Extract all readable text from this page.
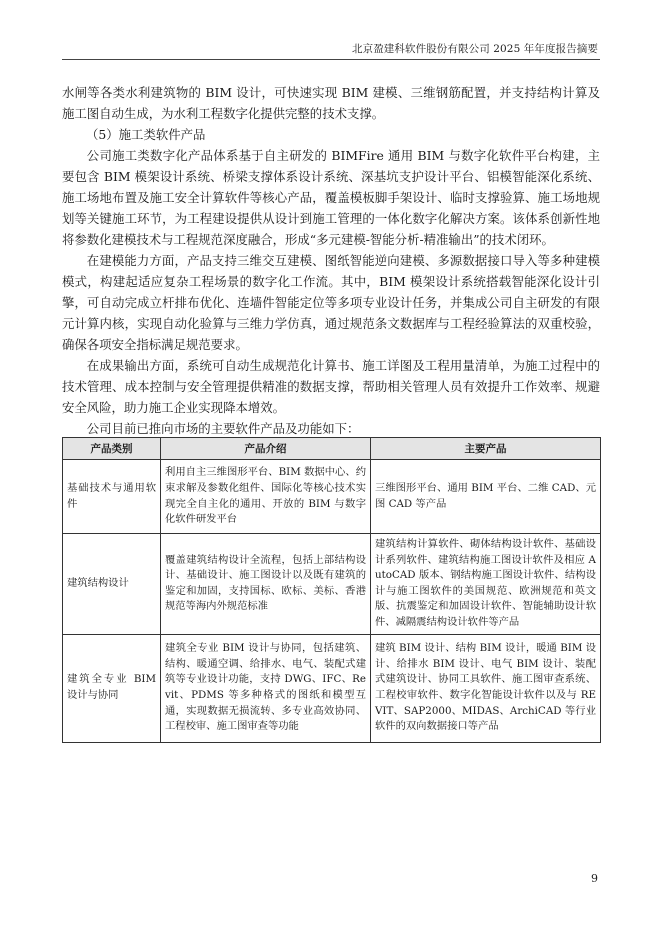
北京盈建科软件股份有限公司 2025 年年度报告摘要

水闸等各类水利建筑物的 BIM 设计，可快速实现 BIM 建模、三维钢筋配置，并支持结构计算及施工图自动生成，为水利工程数字化提供完整的技术支撑。

（5）施工类软件产品

公司施工类数字化产品体系基于自主研发的 BIMFire 通用 BIM 与数字化软件平台构建，主要包含 BIM 模架设计系统、桥梁支撑体系设计系统、深基坑支护设计平台、铝模智能深化系统、施工场地布置及施工安全计算软件等核心产品，覆盖模板脚手架设计、临时支撑验算、施工场地规划等关键施工环节，为工程建设提供从设计到施工管理的一体化数字化解决方案。该体系创新性地将参数化建模技术与工程规范深度融合，形成“多元建模-智能分析-精准输出”的技术闭环。

在建模能力方面，产品支持三维交互建模、图纸智能逆向建模、多源数据接口导入等多种建模模式，构建起适应复杂工程场景的数字化工作流。其中，BIM 模架设计系统搭载智能深化设计引擎，可自动完成立杆排布优化、连墙件智能定位等多项专业设计任务，并集成公司自主研发的有限元计算内核，实现自动化验算与三维力学仿真，通过规范条文数据库与工程经验算法的双重校验，确保各项安全指标满足规范要求。

在成果输出方面，系统可自动生成规范化计算书、施工详图及工程用量清单，为施工过程中的技术管理、成本控制与安全管理提供精准的数据支撑，帮助相关管理人员有效提升工作效率、规避安全风险，助力施工企业实现降本增效。

公司目前已推向市场的主要软件产品及功能如下：

产品类别	产品介绍	主要产品
基础技术与通用软件	利用自主三维图形平台、BIM 数据中心、约束求解及参数化组件、国际化等核心技术实现完全自主化的通用、开放的 BIM 与数字化软件研发平台	三维图形平台、通用 BIM 平台、二维 CAD、元图 CAD 等产品
建筑结构设计	覆盖建筑结构设计全流程，包括上部结构设计、基础设计、施工图设计以及既有建筑的鉴定和加固，支持国标、欧标、美标、香港规范等海内外规范标准	建筑结构计算软件、砌体结构设计软件、基础设计系列软件、建筑结构施工图设计软件及相应 AutoCAD 版本、钢结构施工图设计软件、结构设计与施工图软件的美国规范、欧洲规范和英文版、抗震鉴定和加固设计软件、智能辅助设计软件、减隔震结构设计软件等产品
建筑全专业 BIM 设计与协同	建筑全专业 BIM 设计与协同，包括建筑、结构、暖通空调、给排水、电气、装配式建筑等专业设计功能，支持 DWG、IFC、Revit、PDMS 等多种格式的图纸和模型互通，实现数据无损流转、多专业高效协同、工程校审、施工图审查等功能	建筑 BIM 设计、结构 BIM 设计，暖通 BIM 设计、给排水 BIM 设计、电气 BIM 设计、装配式建筑设计、协同工具软件、施工图审查系统、工程校审软件、数字化智能设计软件以及与 REVIT、SAP2000、MIDAS、ArchiCAD 等行业软件的双向数据接口等产品
9
